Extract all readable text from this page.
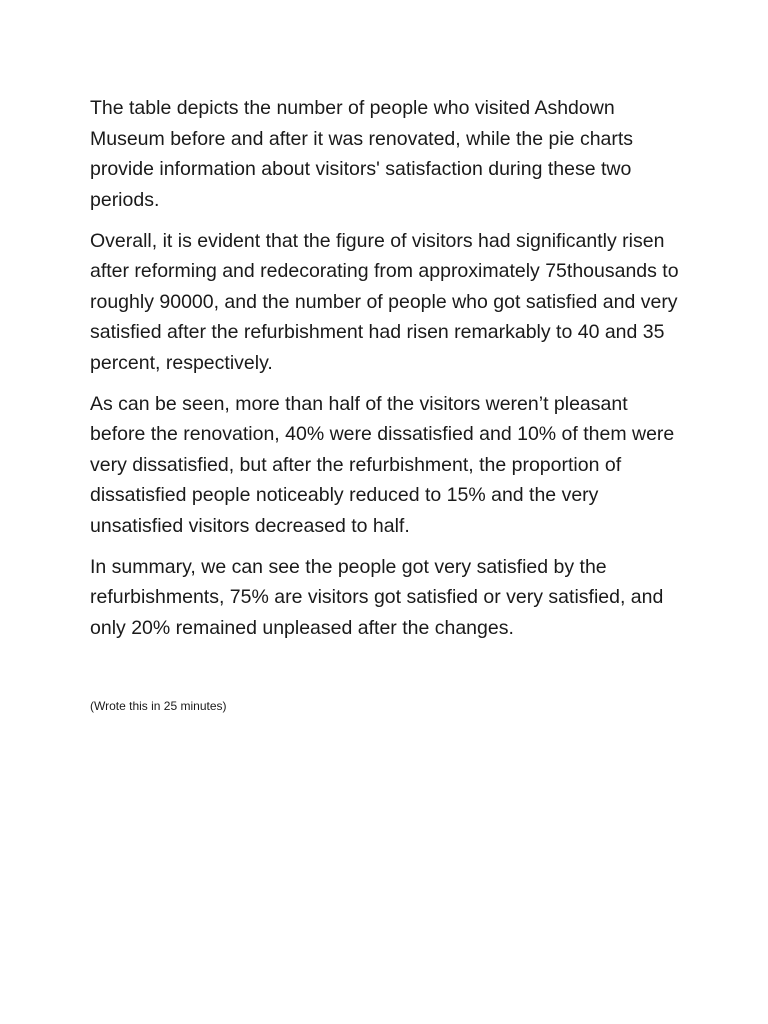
The table depicts the number of people who visited Ashdown Museum before and after it was renovated, while the pie charts provide information about visitors' satisfaction during these two periods.

Overall, it is evident that the figure of visitors had significantly risen after reforming and redecorating from approximately 75thousands to roughly 90000, and the number of people who got satisfied and very satisfied after the refurbishment had risen remarkably to 40 and 35 percent, respectively.

As can be seen, more than half of the visitors weren’t pleasant before the renovation, 40% were dissatisfied and 10% of them were very dissatisfied, but after the refurbishment, the proportion of dissatisfied people noticeably reduced to 15% and the very unsatisfied visitors decreased to half.

In summary, we can see the people got very satisfied by the refurbishments, 75% are visitors got satisfied or very satisfied, and only 20% remained unpleased after the changes.

(Wrote this in 25 minutes)
